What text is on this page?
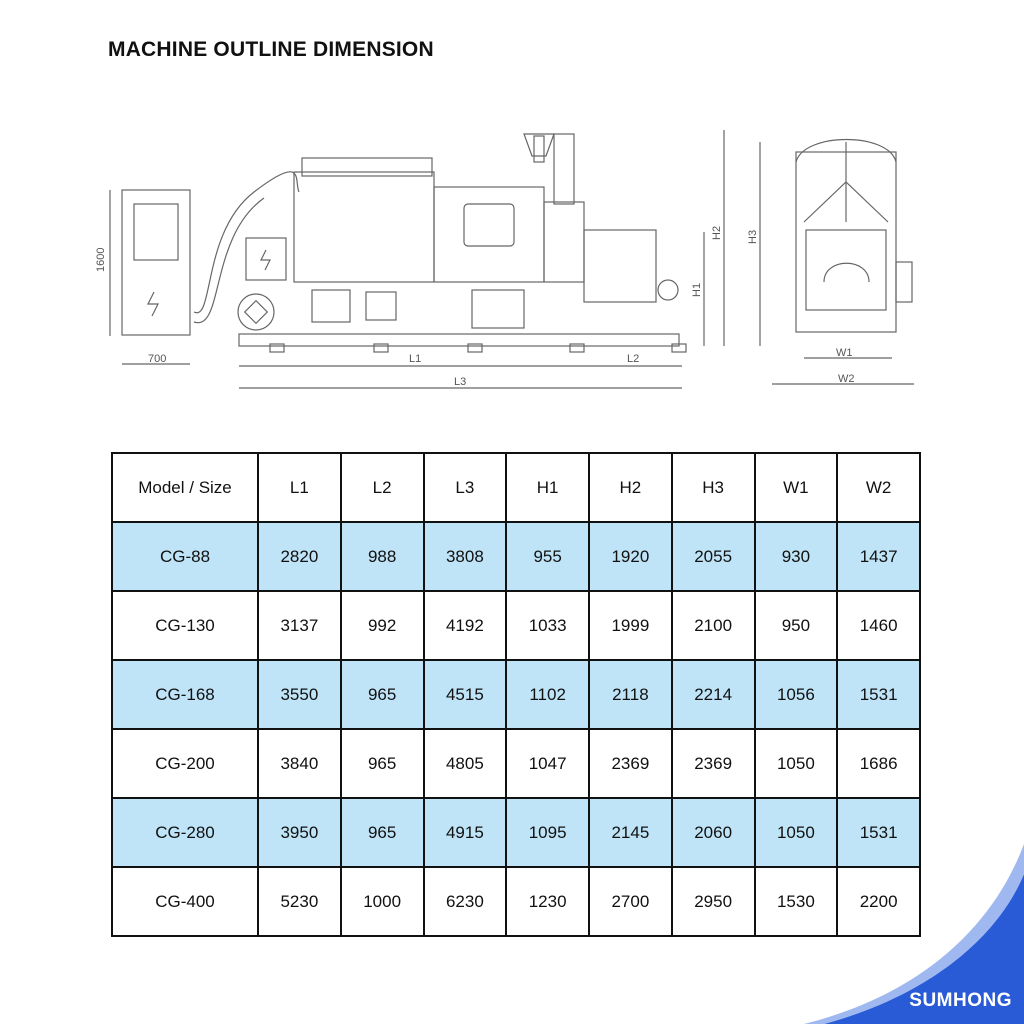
MACHINE OUTLINE DIMENSION
1600
700	L1	L2
L3
H1
H2 H3
W1
W2
Model / Size	L1	L2	L3	H1	H2	H3	W1	W2
CG-88	2820	988	3808	955	1920	2055	930	1437
CG-130	3137	992	4192	1033	1999	2100	950	1460
CG-168	3550	965	4515	1102	2118	2214	1056	1531
CG-200	3840	965	4805	1047	2369	2369	1050	1686
CG-280	3950	965	4915	1095	2145	2060	1050	1531
CG-400	5230	1000	6230	1230	2700	2950	1530	2200
SUMHONG
